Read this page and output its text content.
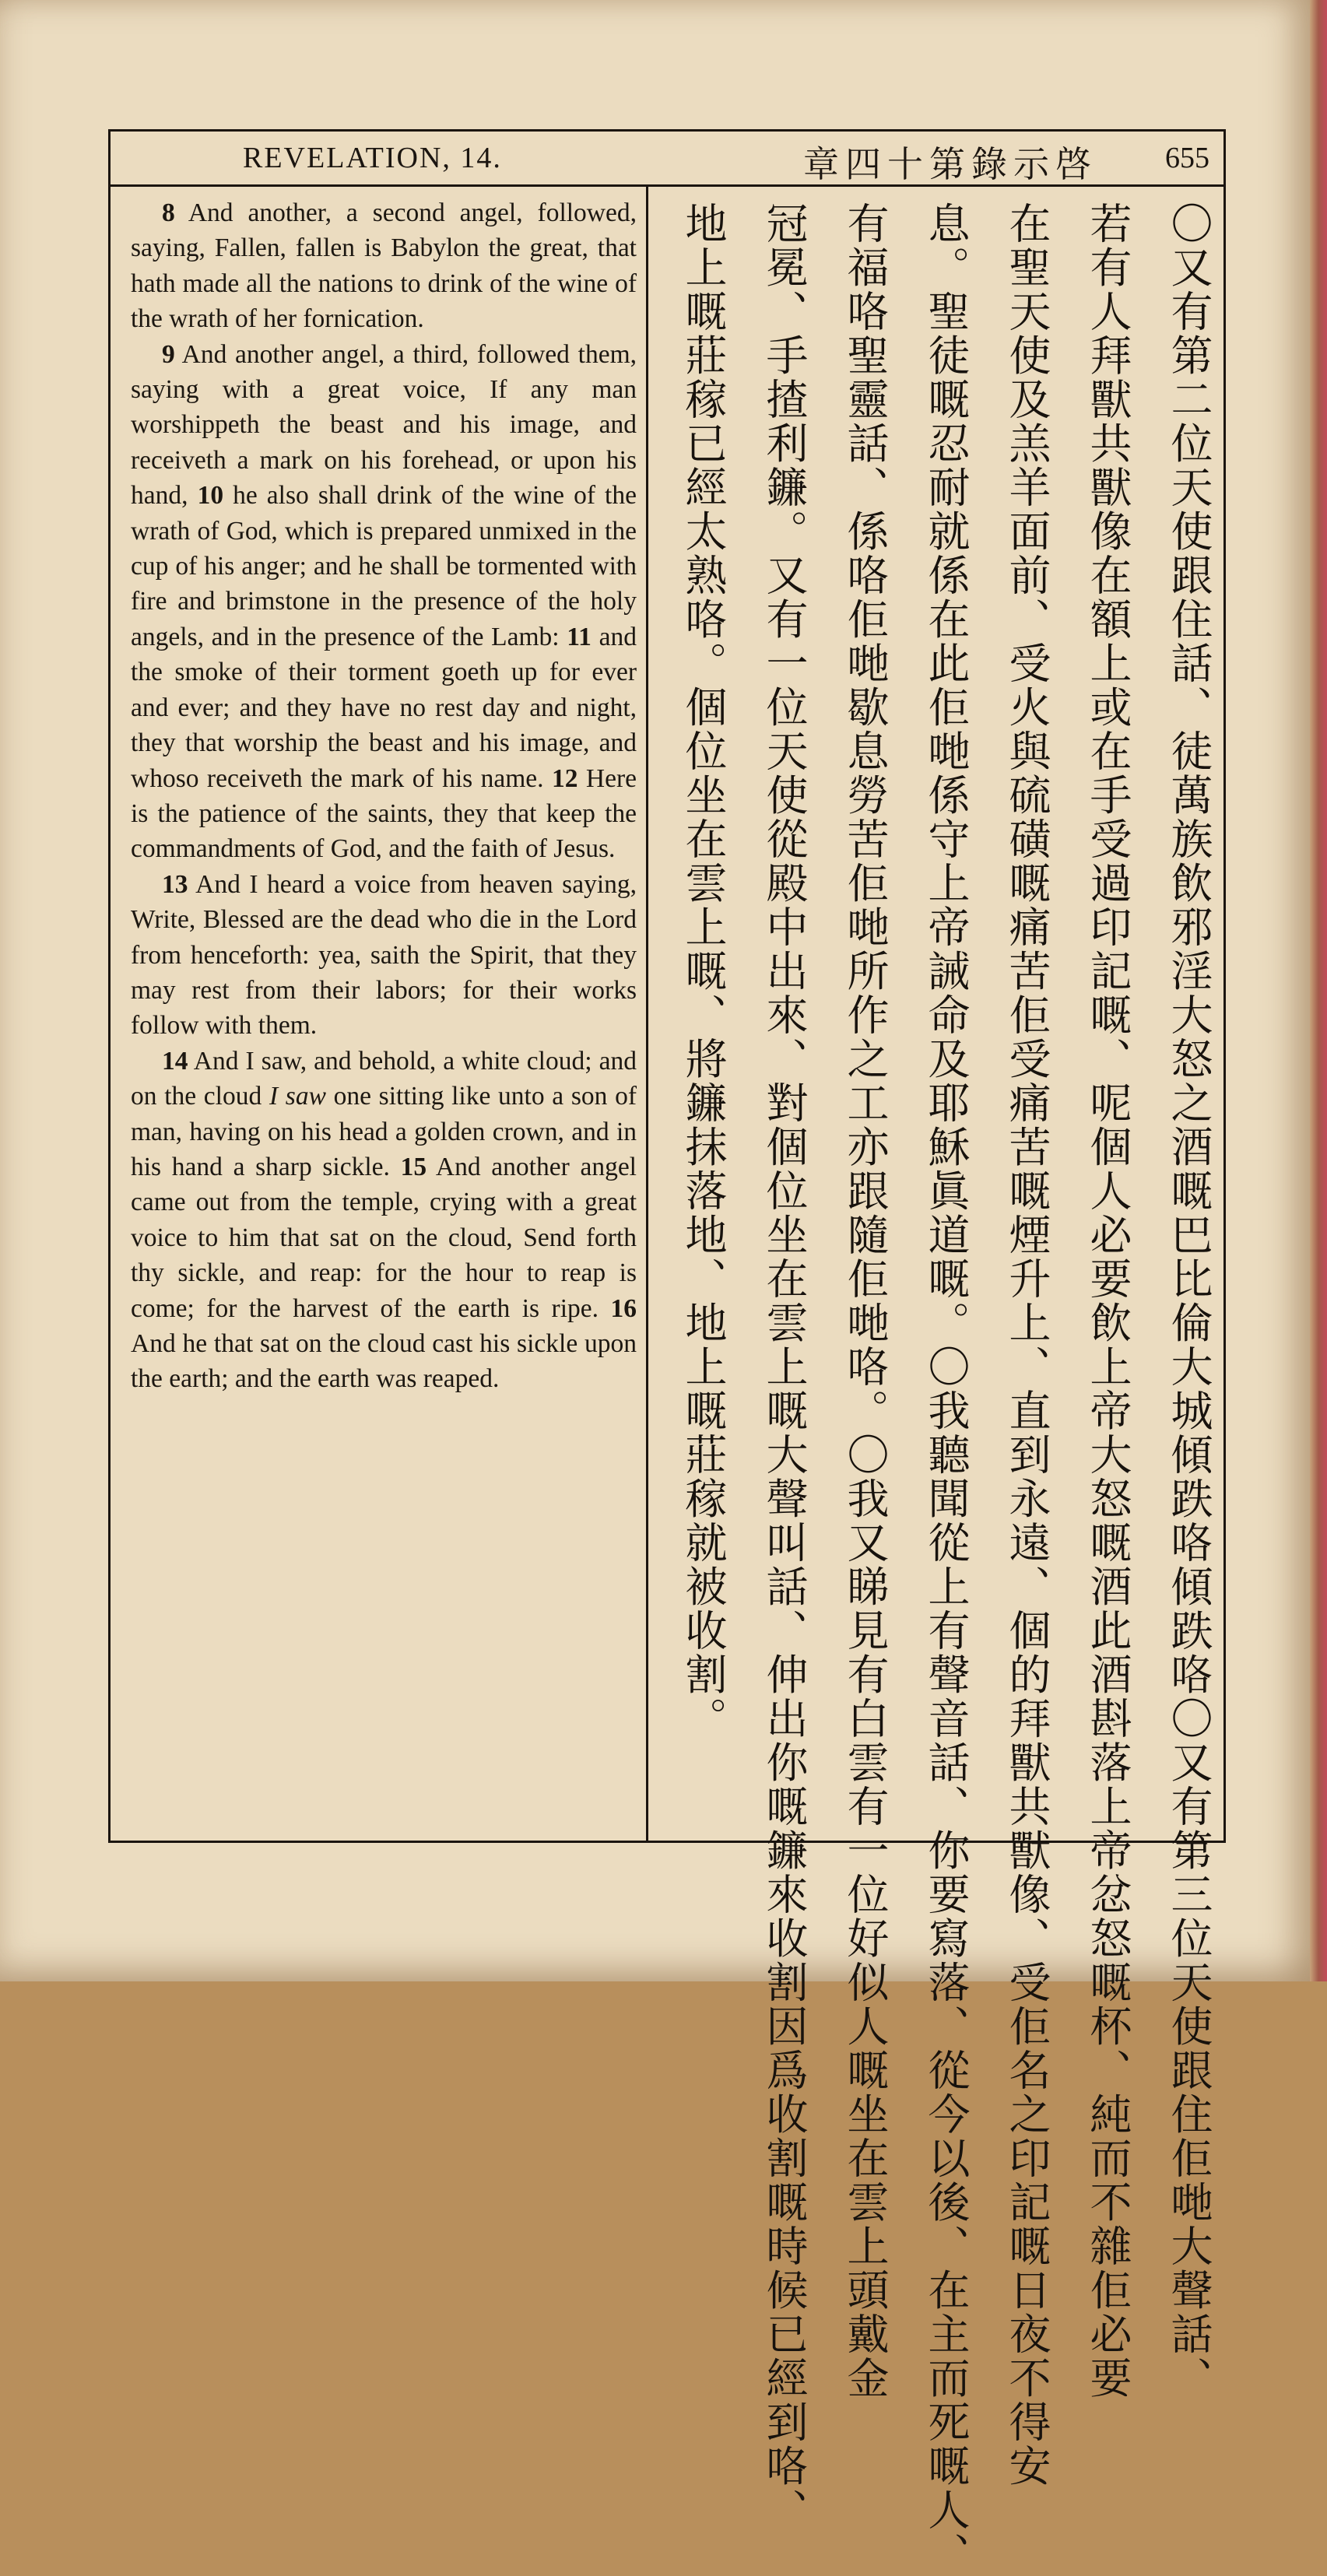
REVELATION, 14.	章四十第錄示啓 655

8 And another, a second angel, followed, saying, Fallen, fallen is Babylon the great, that hath made all the nations to drink of the wine of the wrath of her fornication.

9 And another angel, a third, followed them, saying with a great voice, If any man worshippeth the beast and his image, and receiveth a mark on his forehead, or upon his hand, 10 he also shall drink of the wine of the wrath of God, which is prepared unmixed in the cup of his anger; and he shall be tormented with fire and brimstone in the presence of the holy angels, and in the presence of the Lamb: 11 and the smoke of their torment goeth up for ever and ever; and they have no rest day and night, they that worship the beast and his image, and whoso receiveth the mark of his name. 12 Here is the patience of the saints, they that keep the commandments of God, and the faith of Jesus.

13 And I heard a voice from heaven saying, Write, Blessed are the dead who die in the Lord from henceforth: yea, saith the Spirit, that they may rest from their labors; for their works follow with them.

14 And I saw, and behold, a white cloud; and on the cloud I saw one sitting like unto a son of man, having on his head a golden crown, and in his hand a sharp sickle. 15 And another angel came out from the temple, crying with a great voice to him that sat on the cloud, Send forth thy sickle, and reap: for the hour to reap is come; for the harvest of the earth is ripe. 16 And he that sat on the cloud cast his sickle upon the earth; and the earth was reaped.	〇又有第二位天使跟住話、徒萬族飲邪淫大怒之酒嘅巴比倫大城傾跌咯傾跌咯〇又有第三位天使跟住佢哋大聲話、
若有人拜獸共獸像在額上或在手受過印記嘅、呢個人必要飲上帝大怒嘅酒此酒斟落上帝忿怒嘅杯、純而不雜佢必要
在聖天使及羔羊面前、受火與硫磺嘅痛苦佢受痛苦嘅煙升上、直到永遠、個的拜獸共獸像、受佢名之印記嘅日夜不得安
息。聖徒嘅忍耐就係在此佢哋係守上帝誡命及耶穌眞道嘅。〇我聽聞從上有聲音話、你要寫落、從今以後、在主而死嘅人、
有福咯聖靈話、係咯佢哋歇息勞苦佢哋所作之工亦跟隨佢哋咯。〇我又睇見有白雲有一位好似人嘅坐在雲上頭戴金
冠冕、手揸利鐮。又有一位天使從殿中出來、對個位坐在雲上嘅大聲叫話、伸出你嘅鐮來收割因爲收割嘅時候已經到咯、
地上嘅莊稼已經太熟咯。個位坐在雲上嘅、將鐮抹落地、地上嘅莊稼就被收割。
